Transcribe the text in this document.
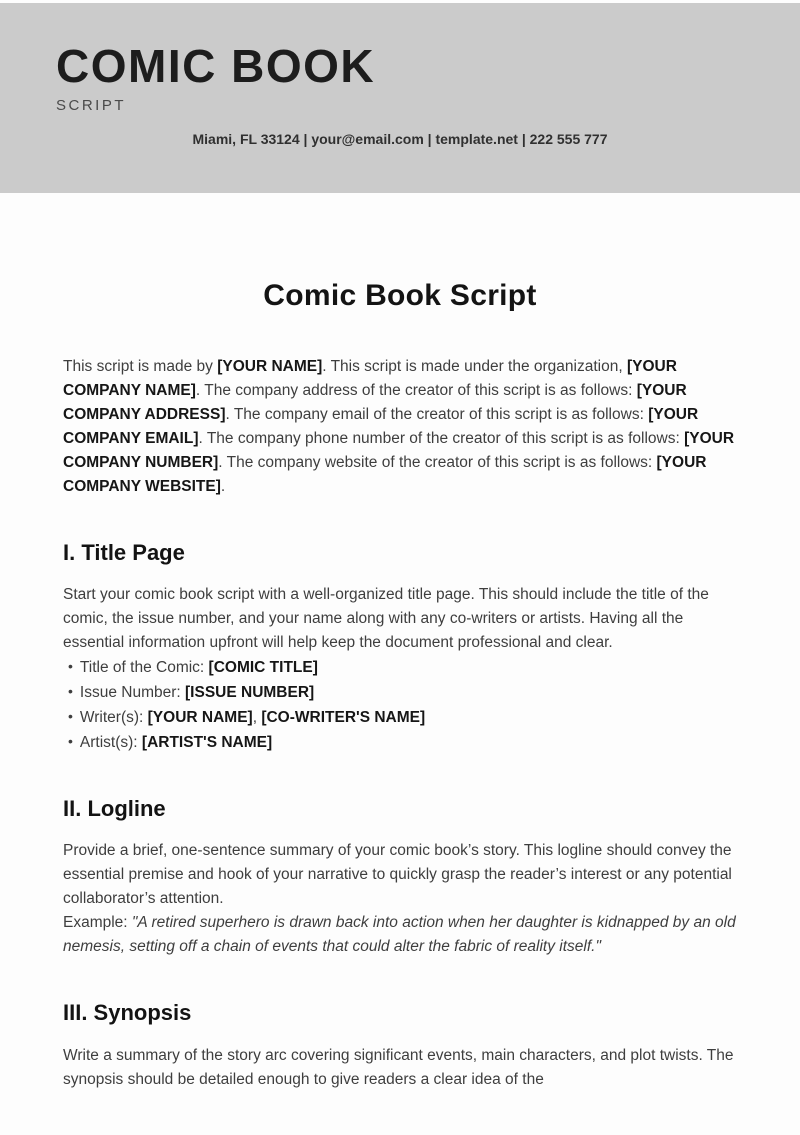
COMIC BOOK
SCRIPT
Miami, FL 33124 | your@email.com | template.net | 222 555 777
Comic Book Script

This script is made by [YOUR NAME]. This script is made under the organization, [YOUR COMPANY NAME]. The company address of the creator of this script is as follows: [YOUR COMPANY ADDRESS]. The company email of the creator of this script is as follows: [YOUR COMPANY EMAIL]. The company phone number of the creator of this script is as follows: [YOUR COMPANY NUMBER]. The company website of the creator of this script is as follows: [YOUR COMPANY WEBSITE].

I. Title Page

Start your comic book script with a well-organized title page. This should include the title of the comic, the issue number, and your name along with any co-writers or artists. Having all the essential information upfront will help keep the document professional and clear.

• Title of the Comic: [COMIC TITLE]
• Issue Number: [ISSUE NUMBER]
• Writer(s): [YOUR NAME], [CO-WRITER'S NAME]
• Artist(s): [ARTIST'S NAME]
II. Logline

Provide a brief, one-sentence summary of your comic book’s story. This logline should convey the essential premise and hook of your narrative to quickly grasp the reader’s interest or any potential collaborator’s attention.

Example: "A retired superhero is drawn back into action when her daughter is kidnapped by an old nemesis, setting off a chain of events that could alter the fabric of reality itself."

III. Synopsis

Write a summary of the story arc covering significant events, main characters, and plot twists. The synopsis should be detailed enough to give readers a clear idea of the
